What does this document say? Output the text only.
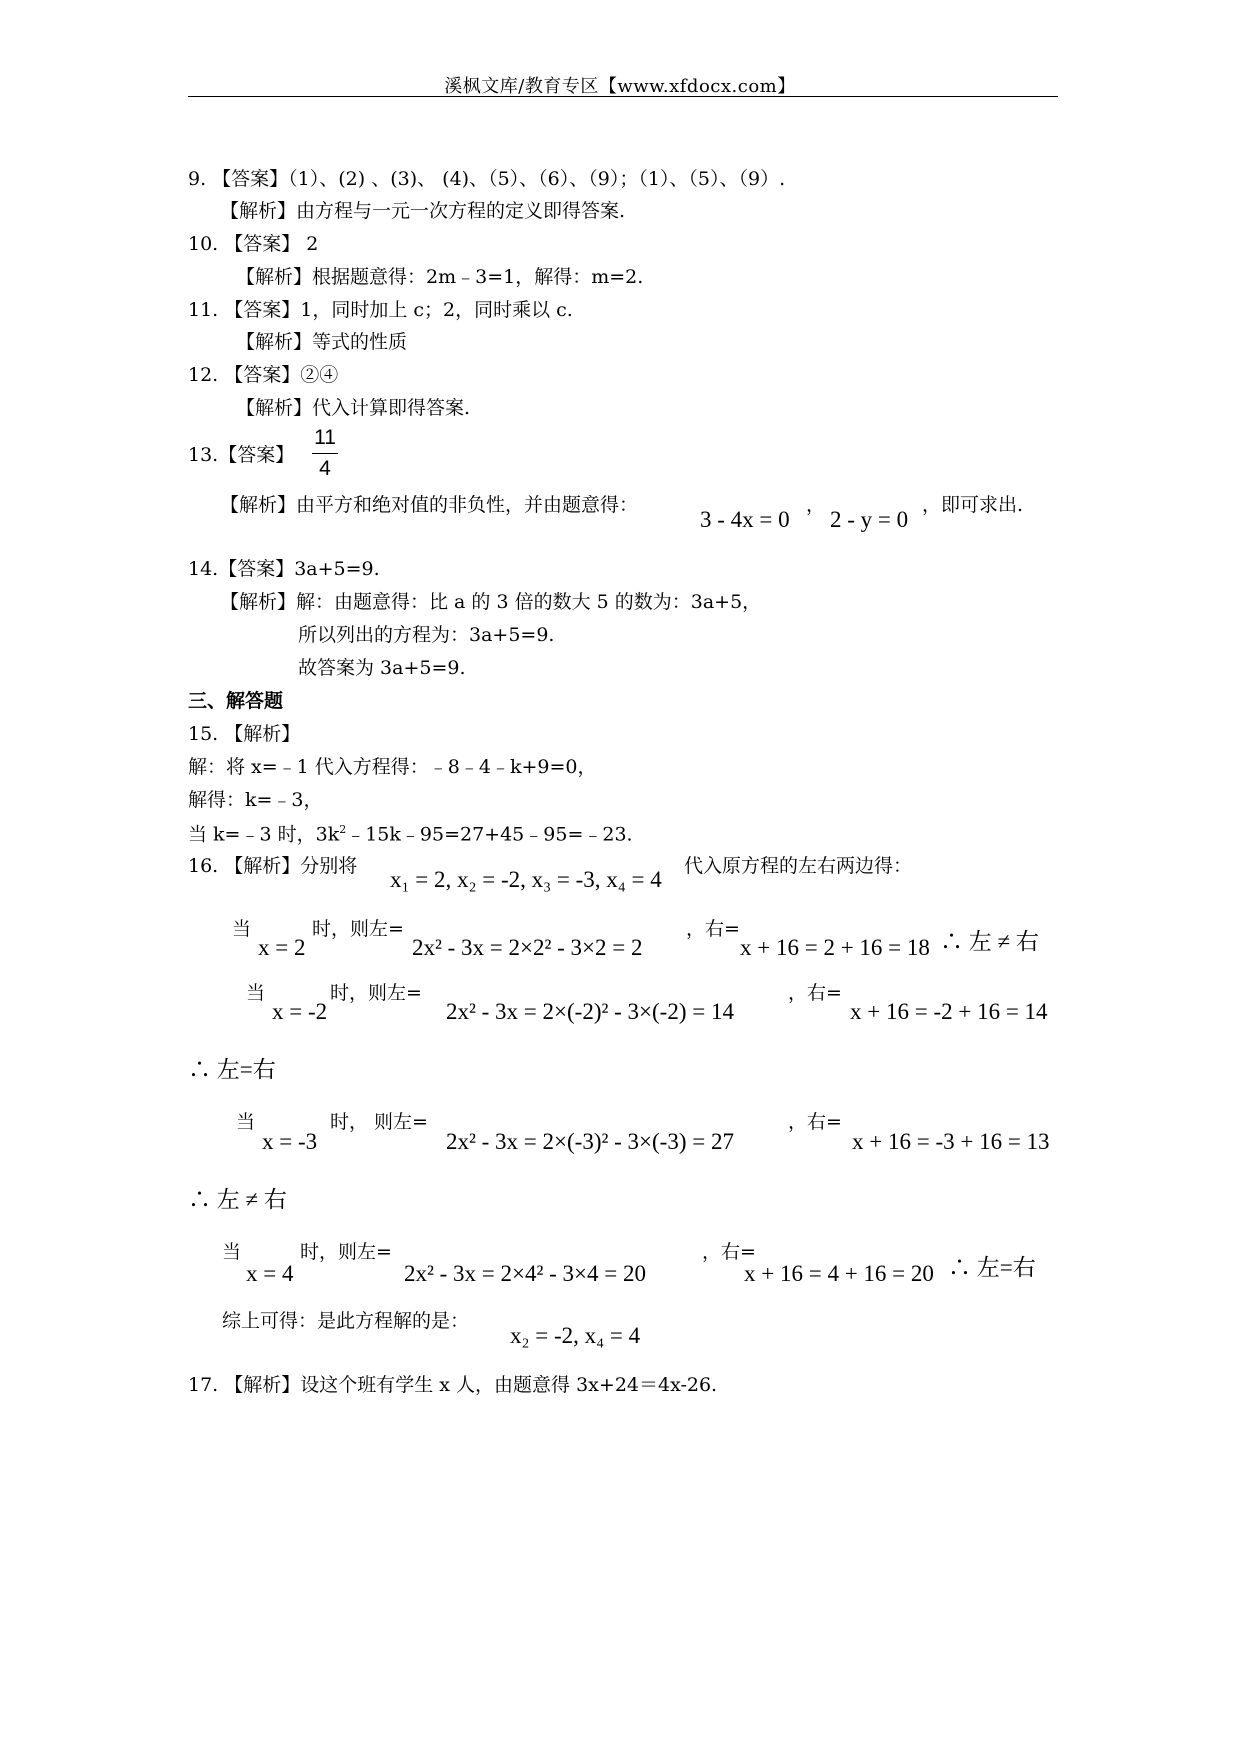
溪枫文库/教育专区【www.xfdocx.com】
9. 【答案】（1）、(2) 、(3)、 (4)、（5）、（6）、（9）；（1）、（5）、（9）.
【解析】由方程与一元一次方程的定义即得答案.
10. 【答案】 2
【解析】根据题意得：2m﹣3=1，解得：m=2.
11. 【答案】1，同时加上 c；2，同时乘以 c.
【解析】等式的性质
12. 【答案】②④
【解析】代入计算即得答案.
13.【答案】
11
4
【解析】由平方和绝对值的非负性，并由题意得：
3 - 4x = 0
，
2 - y = 0
，即可求出.
14.【答案】3a+5=9.
【解析】解：由题意得：比 a 的 3 倍的数大 5 的数为：3a+5，
所以列出的方程为：3a+5=9.
故答案为 3a+5=9.
三、解答题
15. 【解析】
解：将 x=﹣1 代入方程得：﹣8﹣4﹣k+9=0，
解得：k=﹣3，
当 k=﹣3 时，$3k^2﹣15k﹣95=27+45﹣95=﹣23$.
16. 【解析】分别将
x₁ = 2, x₂ = -2, x₃ = -3, x₄ = 4
代入原方程的左右两边得：
当
x = 2
时，则左=
2x² - 3x = 2×2² - 3×2 = 2
，右=
x + 16 = 2 + 16 = 18 ∴ 左 ≠ 右
当
x = -2
时，则左=
2x² - 3x = 2×(-2)² - 3×(-2) = 14
，右=
x + 16 = -2 + 16 = 14
∴ 左=右
当
x = -3
时， 则左=
2x² - 3x = 2×(-3)² - 3×(-3) = 27
，右=
x + 16 = -3 + 16 = 13
∴ 左 ≠ 右
当
x = 4
时，则左=
2x² - 3x = 2×4² - 3×4 = 20
，右=
x + 16 = 4 + 16 = 20 ∴ 左=右
综上可得：是此方程解的是：
x₂ = -2, x₄ = 4
17. 【解析】设这个班有学生 x 人，由题意得 3x+24＝4x-26.
